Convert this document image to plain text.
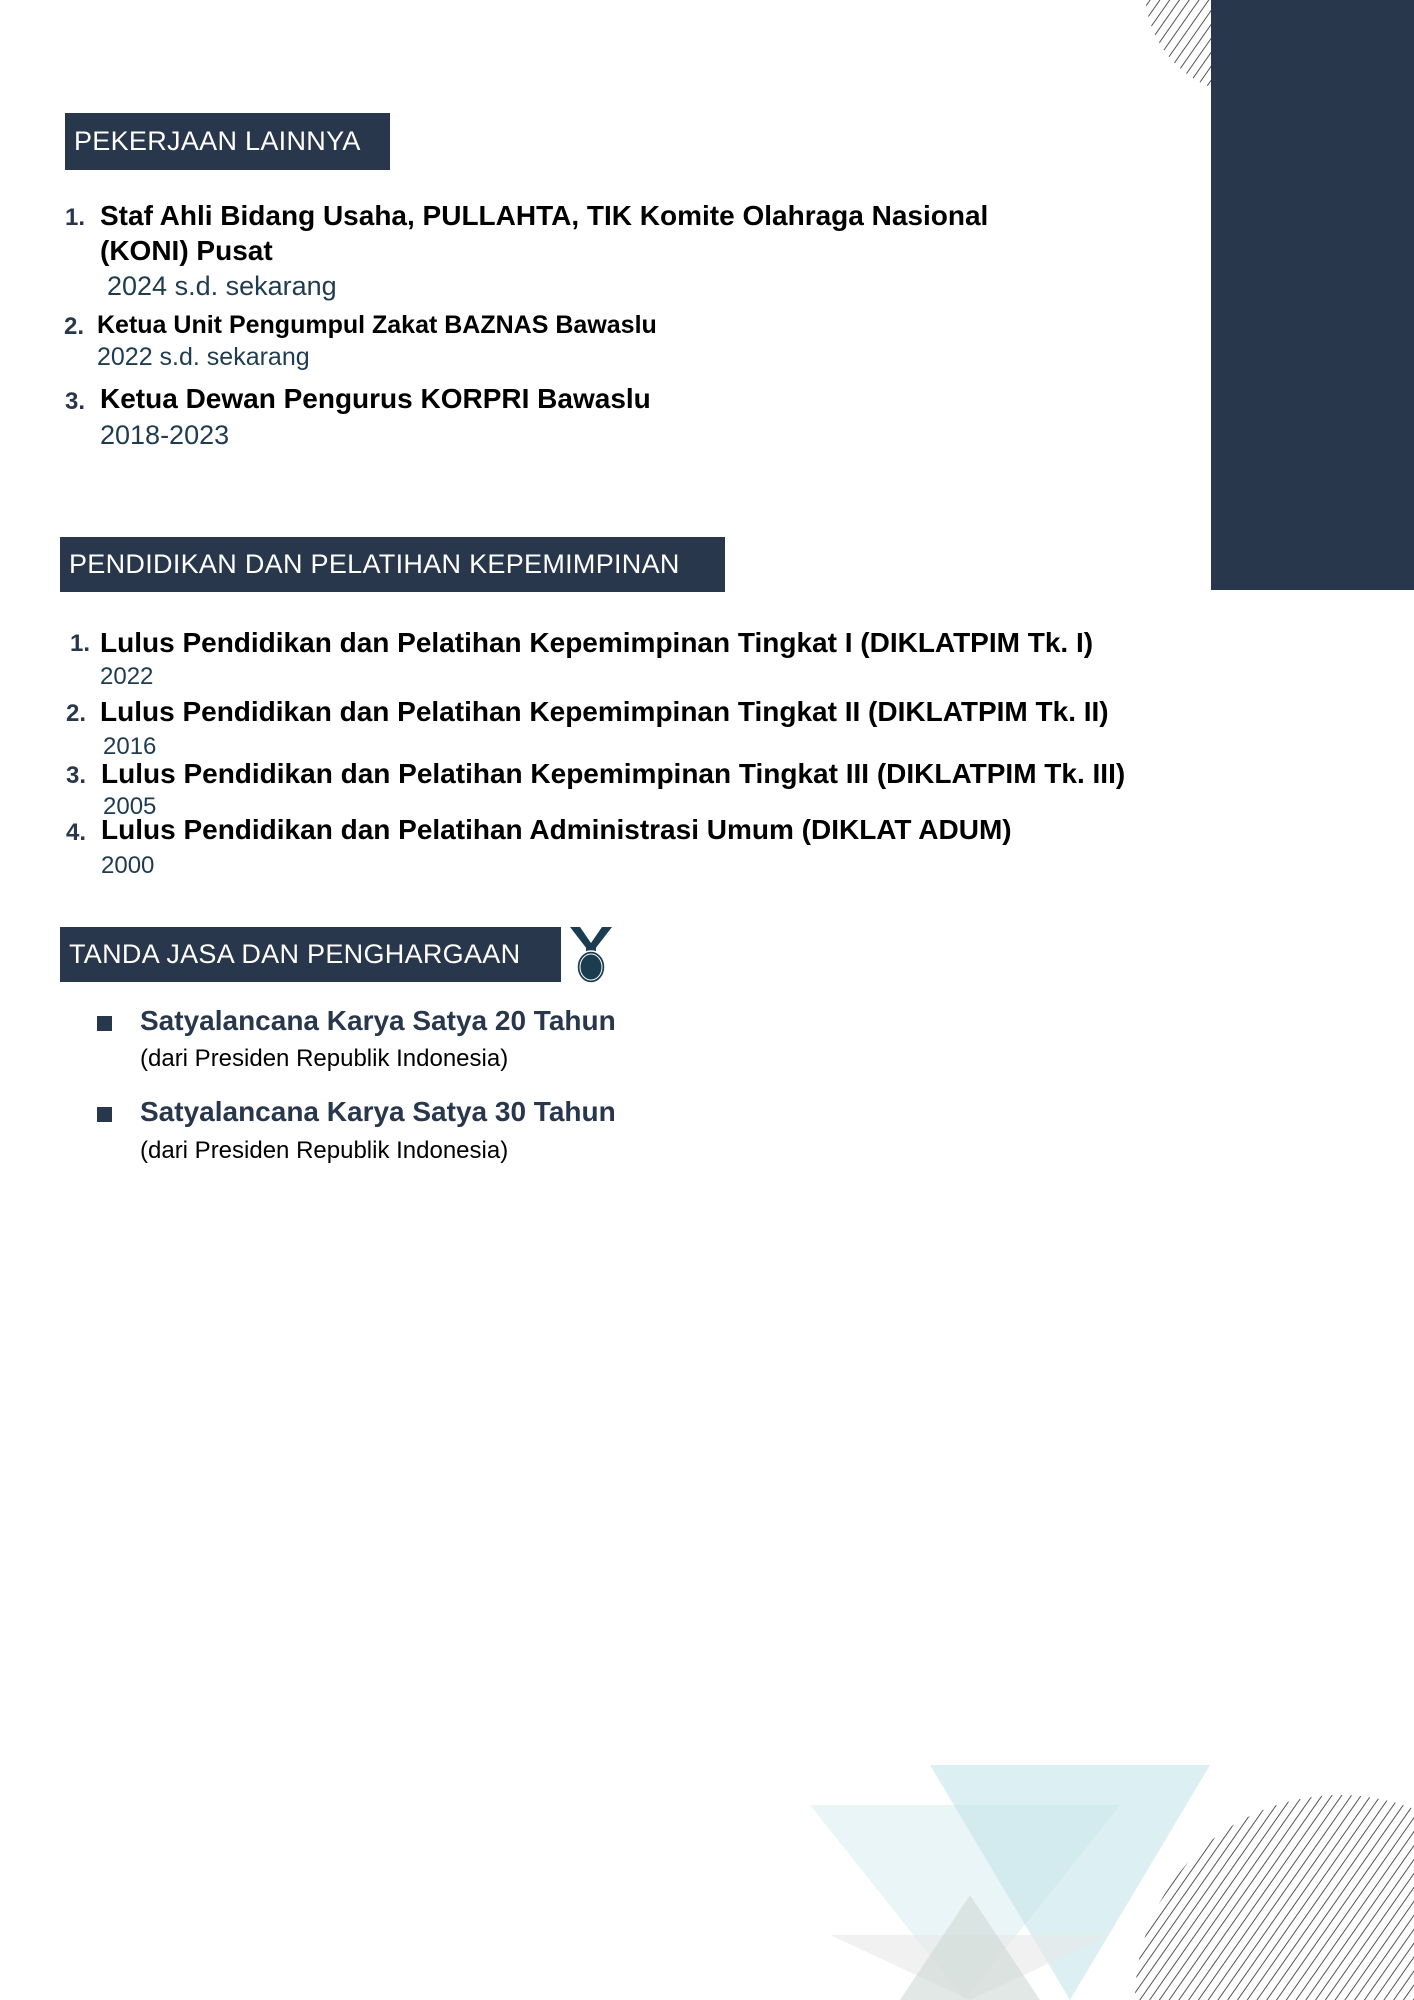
PEKERJAAN LAINNYA
1. Staf Ahli Bidang Usaha, PULLAHTA, TIK Komite Olahraga Nasional
(KONI) Pusat
2024 s.d. sekarang
2. Ketua Unit Pengumpul Zakat BAZNAS Bawaslu
2022 s.d. sekarang
3. Ketua Dewan Pengurus KORPRI Bawaslu
2018-2023
PENDIDIKAN DAN PELATIHAN KEPEMIMPINAN
1. Lulus Pendidikan dan Pelatihan Kepemimpinan Tingkat I (DIKLATPIM Tk. I)
2022
2. Lulus Pendidikan dan Pelatihan Kepemimpinan Tingkat II (DIKLATPIM Tk. II)
2016
3. Lulus Pendidikan dan Pelatihan Kepemimpinan Tingkat III (DIKLATPIM Tk. III)
2005
4. Lulus Pendidikan dan Pelatihan Administrasi Umum (DIKLAT ADUM)
2000
TANDA JASA DAN PENGHARGAAN
Satyalancana Karya Satya 20 Tahun
(dari Presiden Republik Indonesia)
Satyalancana Karya Satya 30 Tahun
(dari Presiden Republik Indonesia)
